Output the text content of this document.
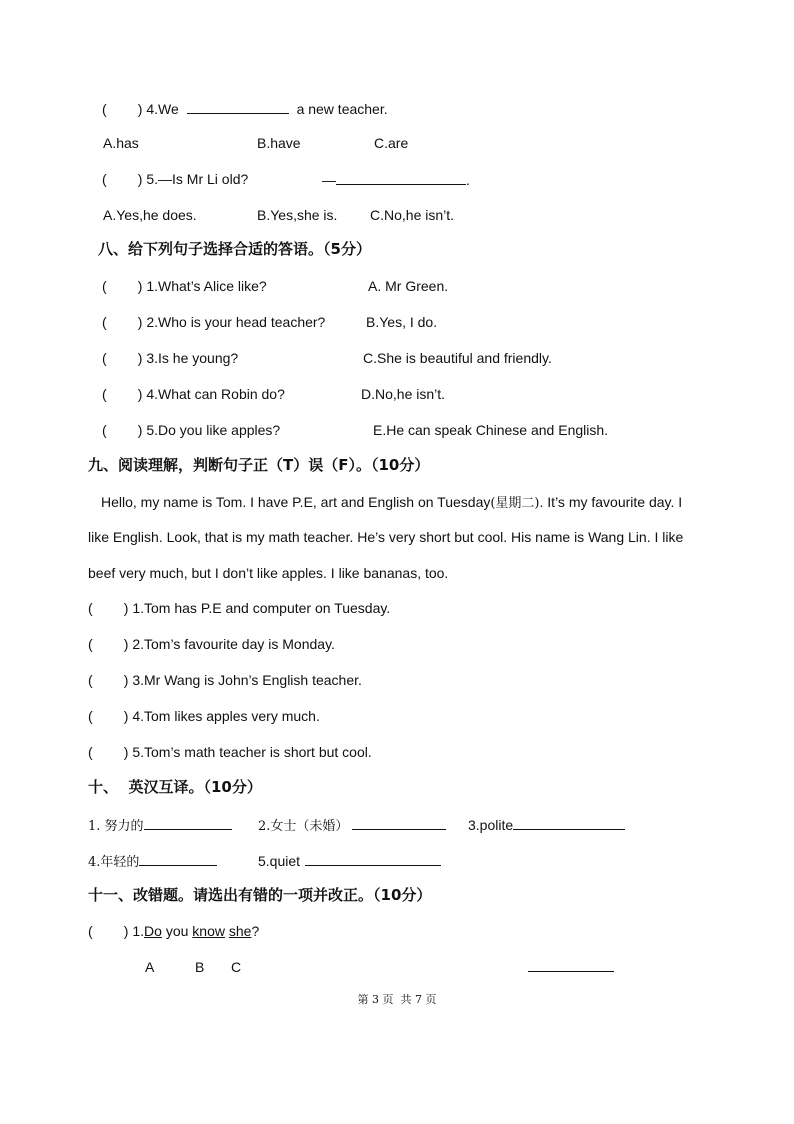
(        ) 4.We	a new teacher.
A.has	B.have	C.are
(        ) 5.—Is Mr Li old?	—	.
A.Yes,he does.	B.Yes,she is. C.No,he isn’t.
八、给下列句子选择合适的答语。（5分）
(        ) 1.What’s Alice like?	A. Mr Green.
(        ) 2.Who is your head teacher?	B.Yes, I do.
(        ) 3.Is he young?	C.She is beautiful and friendly.
(        ) 4.What can Robin do?	D.No,he isn’t.
(        ) 5.Do you like apples?	E.He can speak Chinese and English.
九、阅读理解，判断句子正（T）误（F）。（10分）
Hello, my name is Tom. I have P.E, art and English on Tuesday(星期二). It’s my favourite day. I
like English. Look, that is my math teacher. He’s very short but cool. His name is Wang Lin. I like
beef very much, but I don’t like apples. I like bananas, too.
(        ) 1.Tom has P.E and computer on Tuesday.
(        ) 2.Tom’s favourite day is Monday.
(        ) 3.Mr Wang is John’s English teacher.
(        ) 4.Tom likes apples very much.
(        ) 5.Tom’s math teacher is short but cool.
十、  英汉互译。（10分）
1. 努力的	2.女士（未婚）	3.polite
4.年轻的	5.quiet
十一、改错题。请选出有错的一项并改正。（10分）
(        ) 1.Do you know she?
A	B C
第 3 页  共 7 页
